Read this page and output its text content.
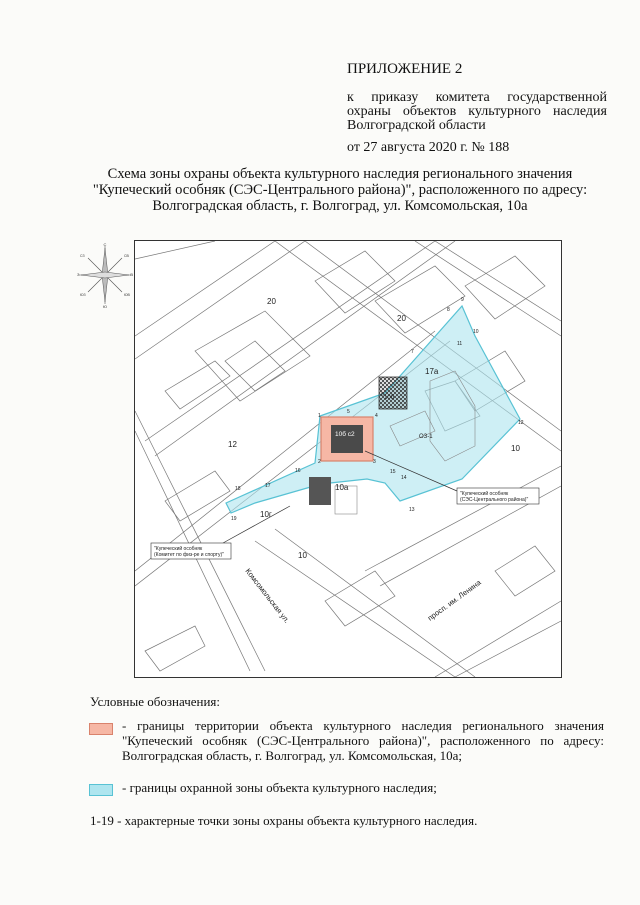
ПРИЛОЖЕНИЕ 2
к приказу комитета государственной охраны объектов культурного наследия Волгоградской области
от 27 августа 2020 г. № 188
Схема зоны охраны объекта культурного наследия регионального значения
"Купеческий особняк (СЭС-Центрального района)", расположенного по адресу:
Волгоградская область, г. Волгоград, ул. Комсомольская, 10а
С
В
Ю
З
СВ
ЮВ
ЮЗ
СЗ
20
20
12
17а
10б
10б с2
10а
10г
10
10
ОЗ-1
1
2	3
4
5
6
7
8
9
10
11
12
13
14
15
16
17
18
19
"Купеческий особняк
(СЭС-Центрального района)"
"Купеческий особняк
(Комитет по физ-ре и спорту)"
Комсомольская ул.	просп. им. Ленина
Условные обозначения:
- границы территории объекта культурного наследия регионального значения "Купеческий особняк (СЭС-Центрального района)", расположенного по адресу: Волгоградская область, г. Волгоград, ул. Комсомольская, 10а;
- границы охранной зоны объекта культурного наследия;
1-19 - характерные точки зоны охраны объекта культурного наследия.
